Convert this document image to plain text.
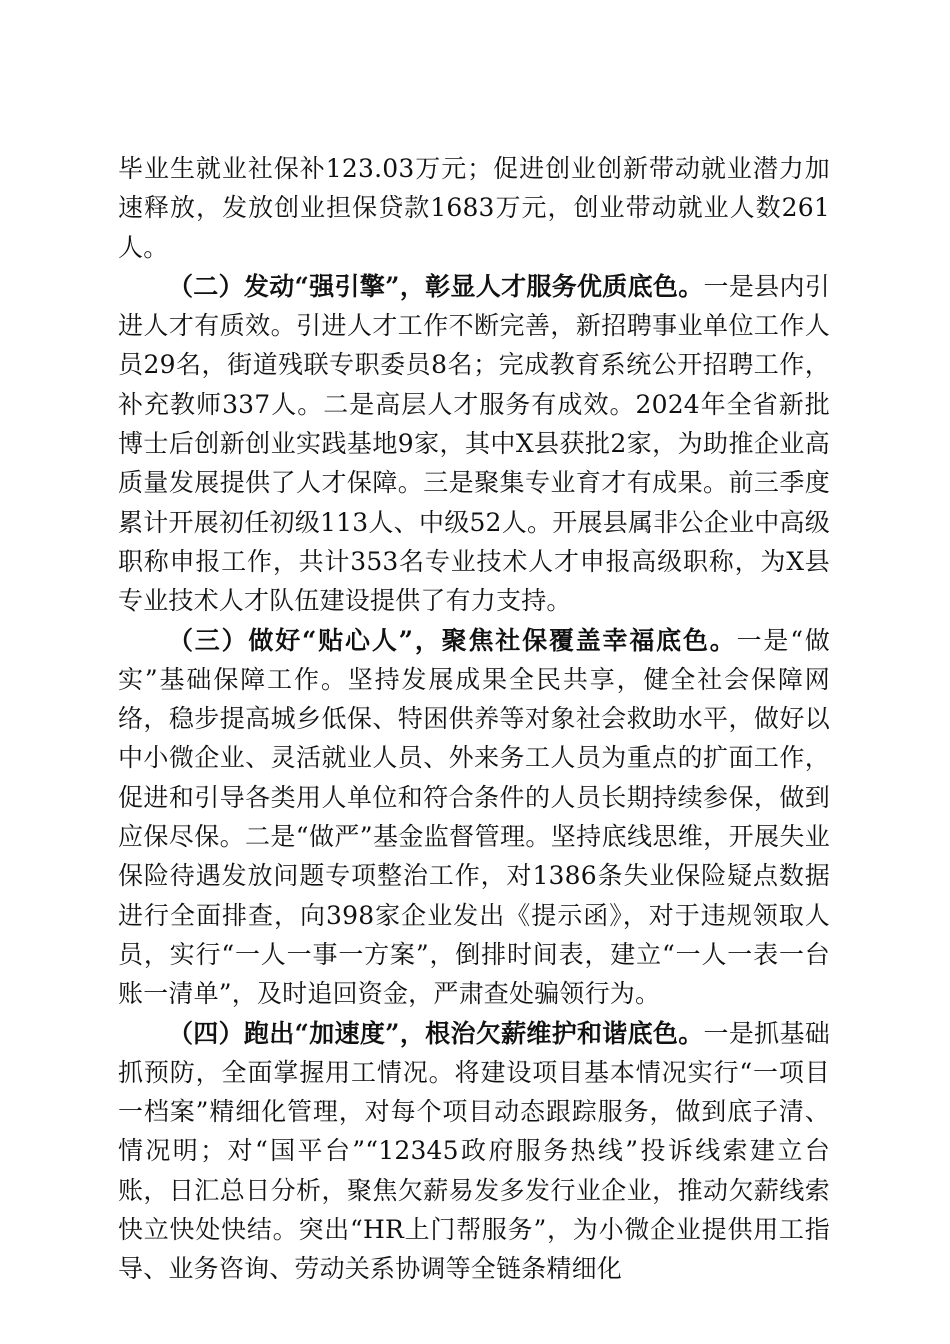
毕业生就业社保补123.03万元；促进创业创新带动就业潜力加速释放，发放创业担保贷款1683万元，创业带动就业人数261人。

（二）发动“强引擎”，彰显人才服务优质底色。一是县内引进人才有质效。引进人才工作不断完善，新招聘事业单位工作人员29名，街道残联专职委员8名；完成教育系统公开招聘工作，补充教师337人。二是高层人才服务有成效。2024年全省新批博士后创新创业实践基地9家，其中X县获批2家，为助推企业高质量发展提供了人才保障。三是聚集专业育才有成果。前三季度累计开展初任初级113人、中级52人。开展县属非公企业中高级职称申报工作，共计353名专业技术人才申报高级职称，为X县专业技术人才队伍建设提供了有力支持。

（三）做好“贴心人”，聚焦社保覆盖幸福底色。一是“做实”基础保障工作。坚持发展成果全民共享，健全社会保障网络，稳步提高城乡低保、特困供养等对象社会救助水平，做好以中小微企业、灵活就业人员、外来务工人员为重点的扩面工作，促进和引导各类用人单位和符合条件的人员长期持续参保，做到应保尽保。二是“做严”基金监督管理。坚持底线思维，开展失业保险待遇发放问题专项整治工作，对1386条失业保险疑点数据进行全面排查，向398家企业发出《提示函》，对于违规领取人员，实行“一人一事一方案”，倒排时间表，建立“一人一表一台账一清单”，及时追回资金，严肃查处骗领行为。

（四）跑出“加速度”，根治欠薪维护和谐底色。一是抓基础抓预防，全面掌握用工情况。将建设项目基本情况实行“一项目一档案”精细化管理，对每个项目动态跟踪服务，做到底子清、情况明；对“国平台”“12345政府服务热线”投诉线索建立台账，日汇总日分析，聚焦欠薪易发多发行业企业，推动欠薪线索快立快处快结。突出“HR上门帮服务”，为小微企业提供用工指导、业务咨询、劳动关系协调等全链条精细化
